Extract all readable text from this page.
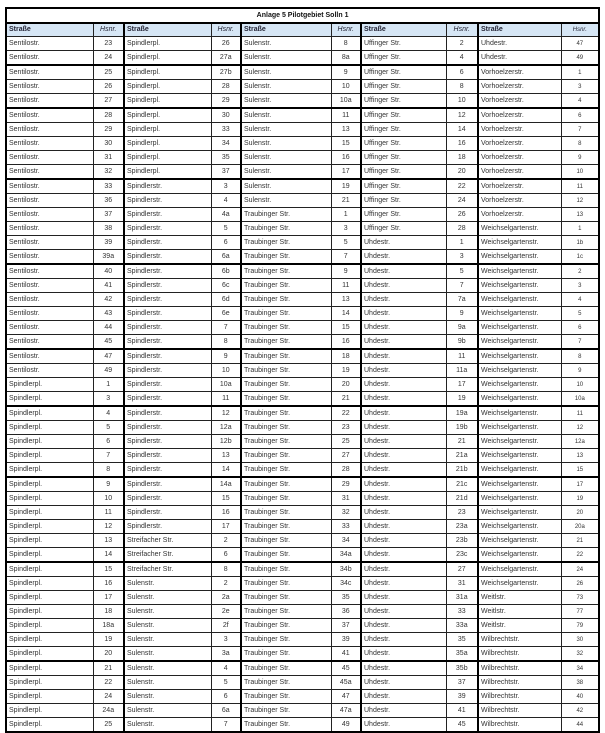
Anlage 5 Pilotgebiet Solln 1									
Straße	Hsnr.	Straße	Hsnr.	Straße	Hsnr.	Straße	Hsnr.	Straße	Hsnr.
Sentilostr.	23	Spindlerpl.	26	Sulenstr.	8	Uffinger Str.	2	Uhdestr.	47
Sentilostr.	24	Spindlerpl.	27a	Sulenstr.	8a	Uffinger Str.	4	Uhdestr.	49
Sentilostr.	25	Spindlerpl.	27b	Sulenstr.	9	Uffinger Str.	6	Vorhoelzerstr.	1
Sentilostr.	26	Spindlerpl.	28	Sulenstr.	10	Uffinger Str.	8	Vorhoelzerstr.	3
Sentilostr.	27	Spindlerpl.	29	Sulenstr.	10a	Uffinger Str.	10	Vorhoelzerstr.	4
Sentilostr.	28	Spindlerpl.	30	Sulenstr.	11	Uffinger Str.	12	Vorhoelzerstr.	6
Sentilostr.	29	Spindlerpl.	33	Sulenstr.	13	Uffinger Str.	14	Vorhoelzerstr.	7
Sentilostr.	30	Spindlerpl.	34	Sulenstr.	15	Uffinger Str.	16	Vorhoelzerstr.	8
Sentilostr.	31	Spindlerpl.	35	Sulenstr.	16	Uffinger Str.	18	Vorhoelzerstr.	9
Sentilostr.	32	Spindlerpl.	37	Sulenstr.	17	Uffinger Str.	20	Vorhoelzerstr.	10
Sentilostr.	33	Spindlerstr.	3	Sulenstr.	19	Uffinger Str.	22	Vorhoelzerstr.	11
Sentilostr.	36	Spindlerstr.	4	Sulenstr.	21	Uffinger Str.	24	Vorhoelzerstr.	12
Sentilostr.	37	Spindlerstr.	4a	Traubinger Str.	1	Uffinger Str.	26	Vorhoelzerstr.	13
Sentilostr.	38	Spindlerstr.	5	Traubinger Str.	3	Uffinger Str.	28	Weichselgartenstr.	1
Sentilostr.	39	Spindlerstr.	6	Traubinger Str.	5	Uhdestr.	1	Weichselgartenstr.	1b
Sentilostr.	39a	Spindlerstr.	6a	Traubinger Str.	7	Uhdestr.	3	Weichselgartenstr.	1c
Sentilostr.	40	Spindlerstr.	6b	Traubinger Str.	9	Uhdestr.	5	Weichselgartenstr.	2
Sentilostr.	41	Spindlerstr.	6c	Traubinger Str.	11	Uhdestr.	7	Weichselgartenstr.	3
Sentilostr.	42	Spindlerstr.	6d	Traubinger Str.	13	Uhdestr.	7a	Weichselgartenstr.	4
Sentilostr.	43	Spindlerstr.	6e	Traubinger Str.	14	Uhdestr.	9	Weichselgartenstr.	5
Sentilostr.	44	Spindlerstr.	7	Traubinger Str.	15	Uhdestr.	9a	Weichselgartenstr.	6
Sentilostr.	45	Spindlerstr.	8	Traubinger Str.	16	Uhdestr.	9b	Weichselgartenstr.	7
Sentilostr.	47	Spindlerstr.	9	Traubinger Str.	18	Uhdestr.	11	Weichselgartenstr.	8
Sentilostr.	49	Spindlerstr.	10	Traubinger Str.	19	Uhdestr.	11a	Weichselgartenstr.	9
Spindlerpl.	1	Spindlerstr.	10a	Traubinger Str.	20	Uhdestr.	17	Weichselgartenstr.	10
Spindlerpl.	3	Spindlerstr.	11	Traubinger Str.	21	Uhdestr.	19	Weichselgartenstr.	10a
Spindlerpl.	4	Spindlerstr.	12	Traubinger Str.	22	Uhdestr.	19a	Weichselgartenstr.	11
Spindlerpl.	5	Spindlerstr.	12a	Traubinger Str.	23	Uhdestr.	19b	Weichselgartenstr.	12
Spindlerpl.	6	Spindlerstr.	12b	Traubinger Str.	25	Uhdestr.	21	Weichselgartenstr.	12a
Spindlerpl.	7	Spindlerstr.	13	Traubinger Str.	27	Uhdestr.	21a	Weichselgartenstr.	13
Spindlerpl.	8	Spindlerstr.	14	Traubinger Str.	28	Uhdestr.	21b	Weichselgartenstr.	15
Spindlerpl.	9	Spindlerstr.	14a	Traubinger Str.	29	Uhdestr.	21c	Weichselgartenstr.	17
Spindlerpl.	10	Spindlerstr.	15	Traubinger Str.	31	Uhdestr.	21d	Weichselgartenstr.	19
Spindlerpl.	11	Spindlerstr.	16	Traubinger Str.	32	Uhdestr.	23	Weichselgartenstr.	20
Spindlerpl.	12	Spindlerstr.	17	Traubinger Str.	33	Uhdestr.	23a	Weichselgartenstr.	20a
Spindlerpl.	13	Streifacher Str.	2	Traubinger Str.	34	Uhdestr.	23b	Weichselgartenstr.	21
Spindlerpl.	14	Streifacher Str.	6	Traubinger Str.	34a	Uhdestr.	23c	Weichselgartenstr.	22
Spindlerpl.	15	Streifacher Str.	8	Traubinger Str.	34b	Uhdestr.	27	Weichselgartenstr.	24
Spindlerpl.	16	Sulenstr.	2	Traubinger Str.	34c	Uhdestr.	31	Weichselgartenstr.	26
Spindlerpl.	17	Sulenstr.	2a	Traubinger Str.	35	Uhdestr.	31a	Weitlstr.	73
Spindlerpl.	18	Sulenstr.	2e	Traubinger Str.	36	Uhdestr.	33	Weitlstr.	77
Spindlerpl.	18a	Sulenstr.	2f	Traubinger Str.	37	Uhdestr.	33a	Weitlstr.	79
Spindlerpl.	19	Sulenstr.	3	Traubinger Str.	39	Uhdestr.	35	Wilbrechtstr.	30
Spindlerpl.	20	Sulenstr.	3a	Traubinger Str.	41	Uhdestr.	35a	Wilbrechtstr.	32
Spindlerpl.	21	Sulenstr.	4	Traubinger Str.	45	Uhdestr.	35b	Wilbrechtstr.	34
Spindlerpl.	22	Sulenstr.	5	Traubinger Str.	45a	Uhdestr.	37	Wilbrechtstr.	38
Spindlerpl.	24	Sulenstr.	6	Traubinger Str.	47	Uhdestr.	39	Wilbrechtstr.	40
Spindlerpl.	24a	Sulenstr.	6a	Traubinger Str.	47a	Uhdestr.	41	Wilbrechtstr.	42
Spindlerpl.	25	Sulenstr.	7	Traubinger Str.	49	Uhdestr.	45	Wilbrechtstr.	44
